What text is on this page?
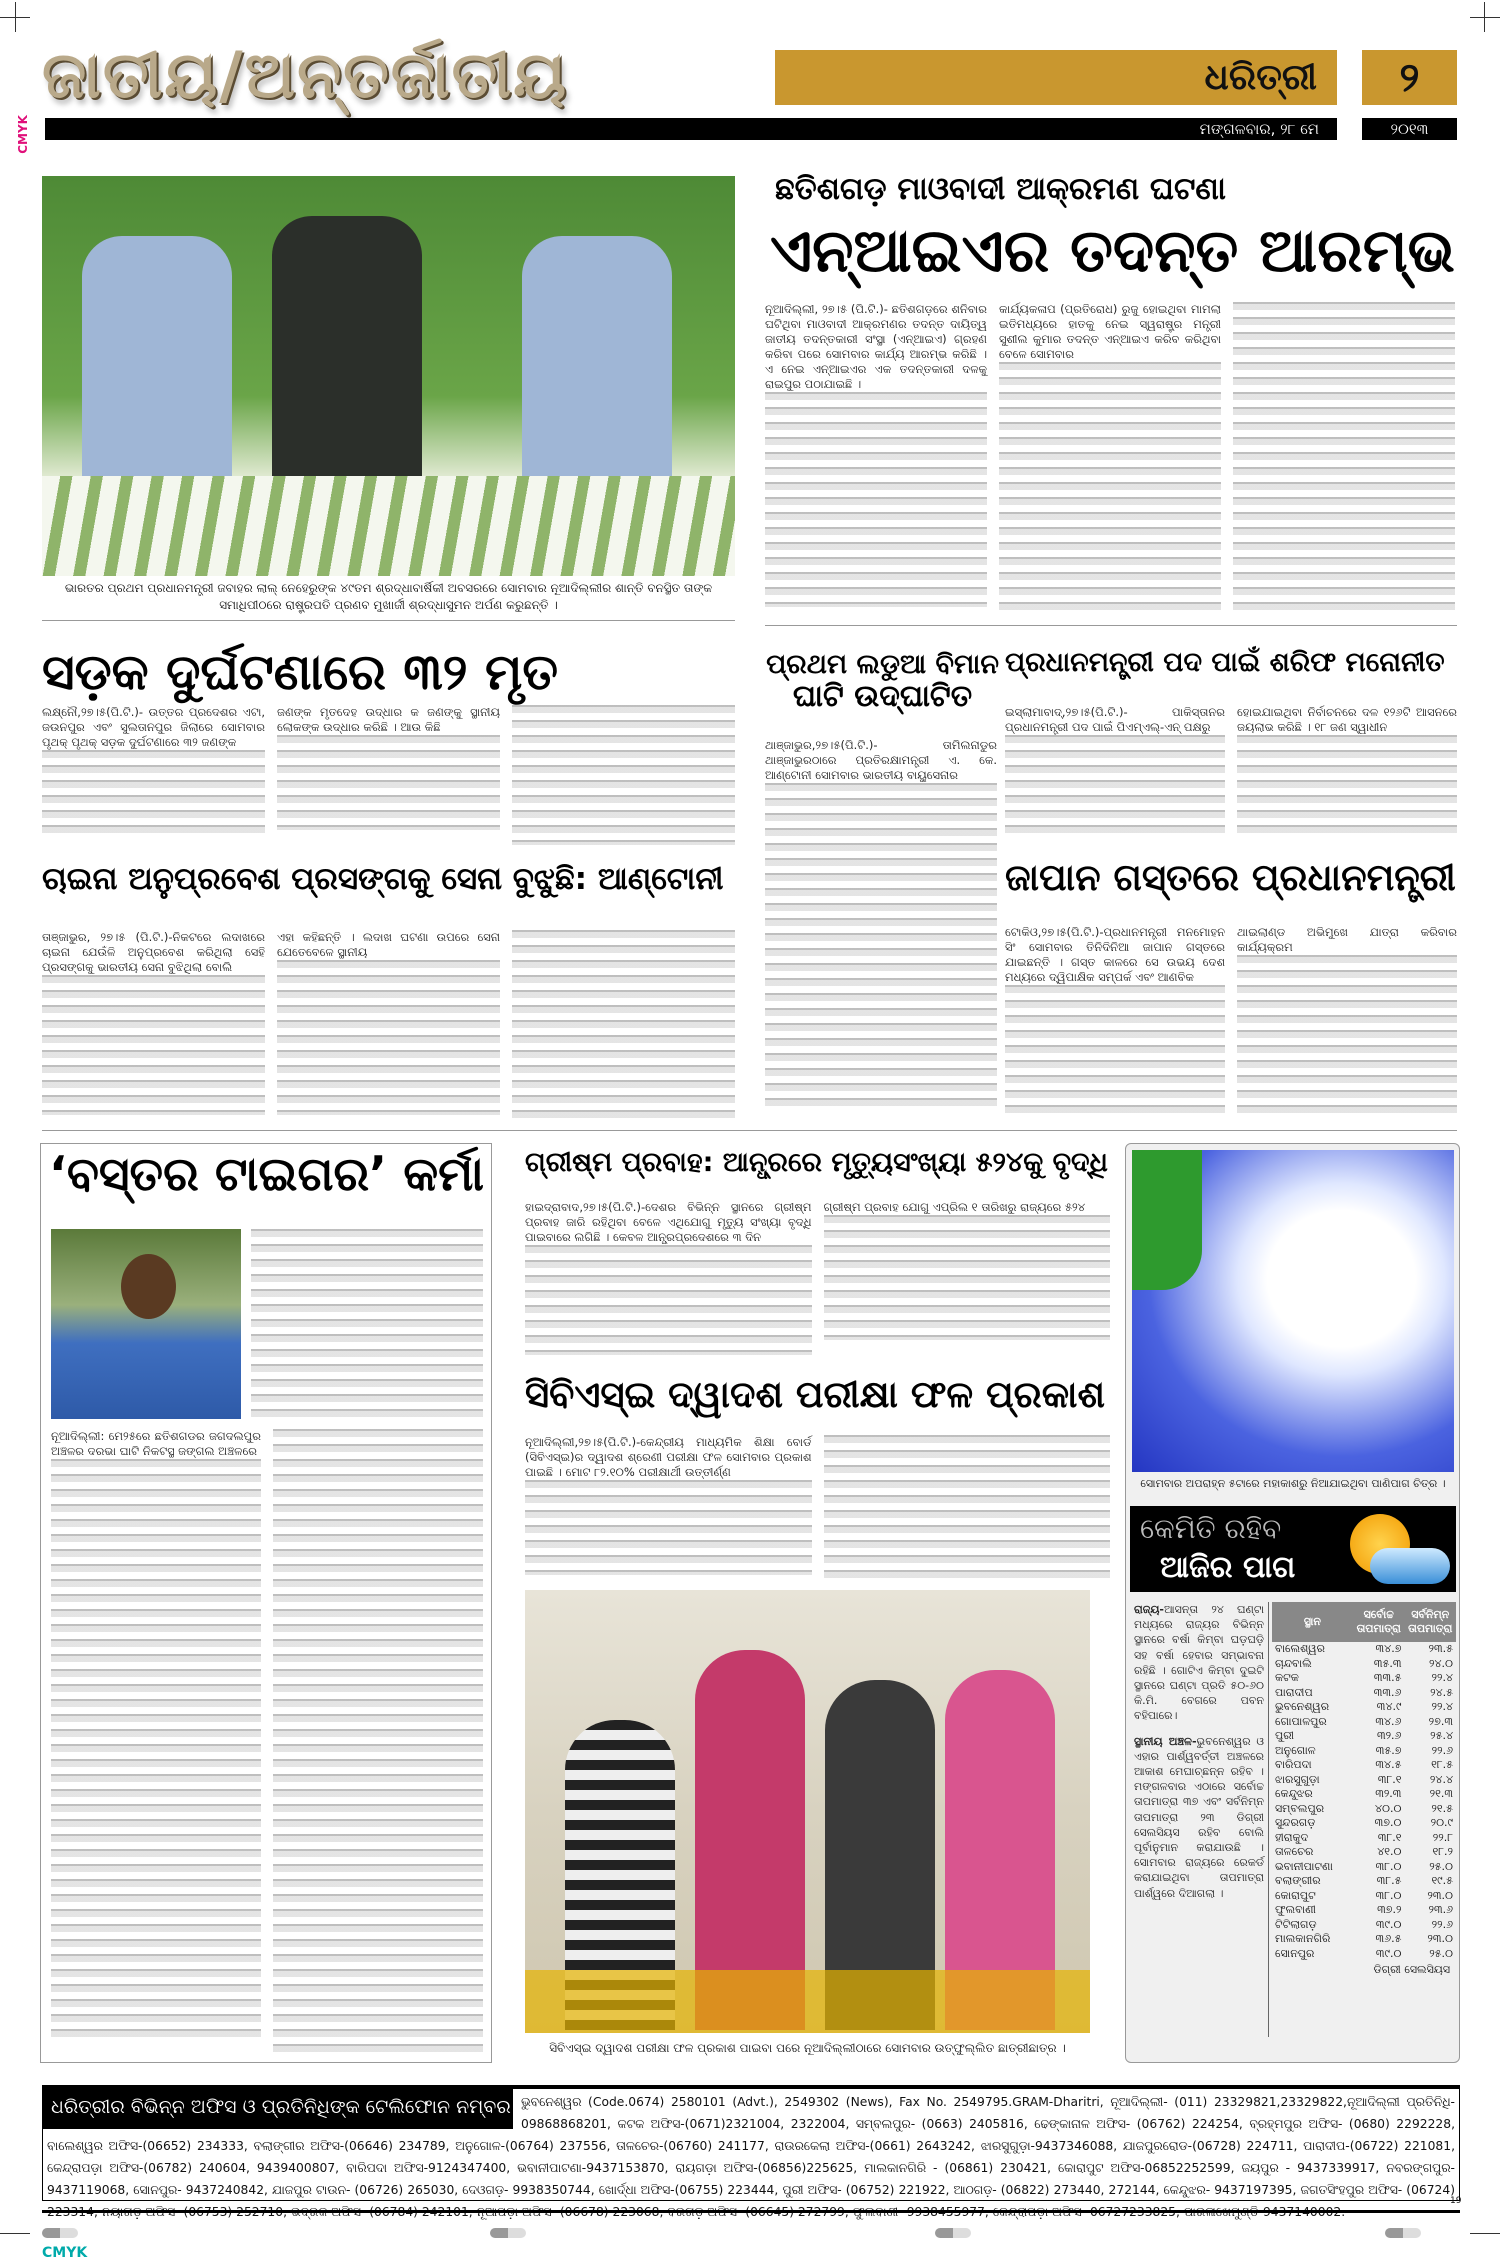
CMYK
ଜାତୀୟ/ଅନ୍ତର୍ଜାତୀୟ	ଧରିତ୍ରୀ	୨
ମଙ୍ଗଳବାର, ୨୮ ମେ	୨୦୧୩
ଭାରତର ପ୍ରଥମ ପ୍ରଧାନମନ୍ତ୍ରୀ ଜବାହର ଲାଲ୍ ନେହେରୁଙ୍କ ୪୯ତମ ଶ୍ରଦ୍ଧାବାର୍ଷିକୀ ଅବସରରେ ସୋମବାର ନୂଆଦିଲ୍ଲୀର ଶାନ୍ତି ବନସ୍ଥିତ ତାଙ୍କ ସମାଧିପୀଠରେ ରାଷ୍ଟ୍ରପତି ପ୍ରଣବ ମୁଖାର୍ଜୀ ଶ୍ରଦ୍ଧାସୁମନ ଅର୍ପଣ କରୁଛନ୍ତି ।
ଛତିଶଗଡ଼ ମାଓବାଦୀ ଆକ୍ରମଣ ଘଟଣା
ଏନ୍‌ଆଇଏର ତଦନ୍ତ ଆରମ୍ଭ

ନୂଆଦିଲ୍ଲୀ, ୨୭।୫ (ପି.ଟି.)- ଛତିଶଗଡ଼ରେ ଶନିବାର ଘଟିଥିବା ମାଓବାଦୀ ଆକ୍ରମଣର ତଦନ୍ତ ଦାୟିତ୍ୱ ଜାତୀୟ ତଦନ୍ତକାରୀ ସଂସ୍ଥା (ଏନ୍‌ଆଇଏ) ଗ୍ରହଣ କରିବା ପରେ ସୋମବାର କାର୍ଯ୍ୟ ଆରମ୍ଭ କରିଛି । ଏ ନେଇ ଏନ୍‌ଆଇଏର ଏକ ତଦନ୍ତକାରୀ ଦଳକୁ ରାଇପୁର ପଠାଯାଇଛି ।

କାର୍ଯ୍ୟକଳାପ (ପ୍ରତିରୋଧ) ରୁଜୁ ହୋଇଥିବା ମାମଲା ଇତିମଧ୍ୟରେ ହାତକୁ ନେଇ ସ୍ୱରାଷ୍ଟ୍ର ମନ୍ତ୍ରୀ ସୁଶୀଲ କୁମାର ତଦନ୍ତ ଏନ୍‌ଆଇଏ କରିବ କରିଥିବା ବେଳେ ସୋମବାର

ସଡ଼କ ଦୁର୍ଘଟଣାରେ ୩୨ ମୃତ

ଲକ୍ଷ୍ନୌ,୨୭।୫(ପି.ଟି.)- ଉତ୍ତର ପ୍ରଦେଶର ଏଟା, ଜଉନପୁର ଏବଂ ସୁଲତାନପୁର ଜିଲାରେ ସୋମବାର ପୃଥକ୍ ପୃଥକ୍ ସଡ଼କ ଦୁର୍ଘଟଣାରେ ୩୨ ଜଣଙ୍କ

ଜଣଙ୍କ ମୃତଦେହ ଉଦ୍ଧାର କ ଜଣଙ୍କୁ ସ୍ଥାନୀୟ ଲୋକଙ୍କ ଉଦ୍ଧାର କରିଛି । ଆଉ କିଛି

ଚାଇନା ଅନୁପ୍ରବେଶ ପ୍ରସଙ୍ଗକୁ ସେନା ବୁଝୁଛି: ଆଣ୍ଟୋନୀ

ତାଞ୍ଜାଭୁର, ୨୭।୫ (ପି.ଟି.)-ନିକଟରେ ଲଦାଖରେ ଚାଇନା ଯେଉଁଳି ଅନୁପ୍ରବେଶ କରିଥିଲା ସେହି ପ୍ରସଙ୍ଗକୁ ଭାରତୀୟ ସେନା ବୁଝିଥିଲା ବୋଲି

ଏହା କହିଛନ୍ତି । ଲଦାଖ ଘଟଣା ଉପରେ ସେନା ଯେତେବେଳେ ସ୍ଥାନୀୟ

ପ୍ରଥମ ଲଡୁଆ ବିମାନ
ଘାଟି ଉଦ୍‌ଘାଟିତ

ଥାଞ୍ଜାଭୁର,୨୭।୫(ପି.ଟି.)- ତାମିଲନାଡୁର ଥାଞ୍ଜାଭୁରଠାରେ ପ୍ରତିରକ୍ଷାମନ୍ତ୍ରୀ ଏ. କେ. ଆଣ୍ଟୋନୀ ସୋମବାର ଭାରତୀୟ ବାୟୁସେନାର

ପ୍ରଧାନମନ୍ତ୍ରୀ ପଦ ପାଇଁ ଶରିଫ ମନୋନୀତ

ଇସ୍‌ଲାମାବାଦ୍,୨୭।୫(ପି.ଟି.)- ପାକିସ୍ତାନର ପ୍ରଧାନମନ୍ତ୍ରୀ ପଦ ପାଇଁ ପିଏମ୍‌ଏଲ୍-ଏନ୍ ପକ୍ଷରୁ

ହୋଇଯାଇଥିବା ନିର୍ବାଚନରେ ଦଳ ୧୨୬ଟି ଆସନରେ ଜୟଲାଭ କରିଛି । ୧୮ ଜଣ ସ୍ୱାଧୀନ

ଜାପାନ ଗସ୍ତରେ ପ୍ରଧାନମନ୍ତ୍ରୀ

ଟୋକିଓ,୨୭।୫(ପି.ଟି.)-ପ୍ରଧାନମନ୍ତ୍ରୀ ମନମୋହନ ସିଂ ସୋମବାର ତିନିଦିନିଆ ଜାପାନ ଗସ୍ତରେ ଯାଇଛନ୍ତି । ଗସ୍ତ କାଳରେ ସେ ଉଭୟ ଦେଶ ମଧ୍ୟରେ ଦ୍ୱିପାକ୍ଷିକ ସମ୍ପର୍କ ଏବଂ ଆଣବିକ

ଥାଇଲାଣ୍ଡ ଅଭିମୁଖେ ଯାତ୍ରା କରିବାର କାର୍ଯ୍ୟକ୍ରମ

‘ବସ୍ତର ଟାଇଗର’ କର୍ମା

ନୂଆଦିଲ୍ଲୀ: ମେ୨୫ରେ ଛତିଶଗଡର ଜଗଦଲପୁର ଅଞ୍ଚଳର ଦରଭା ଘାଟି ନିକଟସ୍ଥ ଜଙ୍ଗଲ ଅଞ୍ଚଳରେ

ଗ୍ରୀଷ୍ମ ପ୍ରବାହ: ଆନ୍ଧ୍ରରେ ମୃତ୍ୟୁସଂଖ୍ୟା ୫୨୪କୁ ବୃଦ୍ଧି

ହାଇଦ୍ରାବାଦ,୨୭।୫(ପି.ଟି.)-ଦେଶର ବିଭିନ୍ନ ସ୍ଥାନରେ ଗ୍ରୀଷ୍ମ ପ୍ରବାହ ଜାରି ରହିଥିବା ବେଳେ ଏଥିଯୋଗୁ ମୃତ୍ୟୁ ସଂଖ୍ୟା ବୃଦ୍ଧି ପାଇବାରେ ଲଗିଛି । କେବଳ ଆନ୍ଧ୍ରପ୍ରଦେଶରେ ୩ ଦିନ

ଗ୍ରୀଷ୍ମ ପ୍ରବାହ ଯୋଗୁ ଏପ୍ରିଲ ୧ ତାରିଖରୁ ରାଜ୍ୟରେ ୫୨୪

ସିବିଏସ୍‌ଇ ଦ୍ୱାଦଶ ପରୀକ୍ଷା ଫଳ ପ୍ରକାଶ

ନୂଆଦିଲ୍ଲୀ,୨୭।୫(ପି.ଟି.)-କେନ୍ଦ୍ରୀୟ ମାଧ୍ୟମିକ ଶିକ୍ଷା ବୋର୍ଡ (ସିବିଏସ୍‌ଇ)ର ଦ୍ୱାଦଶ ଶ୍ରେଣୀ ପରୀକ୍ଷା ଫଳ ସୋମବାର ପ୍ରକାଶ ପାଇଛି । ମୋଟ ୮୨.୧୦% ପରୀକ୍ଷାର୍ଥୀ ଉତ୍ତୀର୍ଣ୍ଣ

ସିବିଏସ୍‌ଇ ଦ୍ୱାଦଶ ପରୀକ୍ଷା ଫଳ ପ୍ରକାଶ ପାଇବା ପରେ ନୂଆଦିଲ୍ଲୀଠାରେ ସୋମବାର ଉତ୍‌ଫୁଲ୍ଲିତ ଛାତ୍ରୀଛାତ୍ର ।
ସୋମବାର ଅପରାହ୍ନ ୫ଟାରେ ମହାକାଶରୁ ନିଆଯାଇଥିବା ପାଣିପାଗ ଚିତ୍ର ।
କେମିତି ରହିବ
ଆଜିର ପାଗ

ରାଜ୍ୟ-ଆସନ୍ତା ୨୪ ଘଣ୍ଟା ମଧ୍ୟରେ ରାଜ୍ୟର ବିଭିନ୍ନ ସ୍ଥାନରେ ବର୍ଷା କିମ୍ବା ଘଡ଼ଘଡ଼ି ସହ ବର୍ଷା ହେବାର ସମ୍ଭାବନା ରହିଛି । ଗୋଟିଏ କିମ୍ବା ଦୁଇଟି ସ୍ଥାନରେ ଘଣ୍ଟା ପ୍ରତି ୫୦-୬୦ କି.ମି. ବେଗରେ ପବନ ବହିପାରେ।

ସ୍ଥାନୀୟ ଅଞ୍ଚଳ-ଭୁବନେଶ୍ୱର ଓ ଏହାର ପାର୍ଶ୍ୱବର୍ତ୍ତୀ ଅଞ୍ଚଳରେ ଆକାଶ ମେଘାଚ୍ଛନ୍ନ ରହିବ । ମଙ୍ଗଳବାର ଏଠାରେ ସର୍ବୋଚ୍ଚ ତାପମାତ୍ରା ୩୭ ଏବଂ ସର୍ବନିମ୍ନ ତାପମାତ୍ରା ୨୩ ଡିଗ୍ରୀ ସେଲସିୟସ ରହିବ ବୋଲି ପୂର୍ବାନୁମାନ କରାଯାଉଛି । ସୋମବାର ରାଜ୍ୟରେ ରେକର୍ଡ କରାଯାଇଥିବା ତାପମାତ୍ରା ପାର୍ଶ୍ୱରେ ଦିଆଗଲା ।

ସ୍ଥାନ	ସର୍ବୋଚ୍ଚ ତାପମାତ୍ରା	ସର୍ବନିମ୍ନ ତାପମାତ୍ରା
ବାଲେଶ୍ୱର	୩୪.୭	୨୩.୫
ଚାନ୍ଦବାଲି	୩୫.୩	୨୪.୦
କଟକ	୩୩.୫	୨୨.୪
ପାରାଦୀପ	୩୩.୬	୨୪.୫
ଭୁବନେଶ୍ୱର	୩୪.୯	୨୨.୪
ଗୋପାଳପୁର	୩୪.୬	୨୭.୩
ପୁରୀ	୩୨.୬	୨୫.୪
ଅନୁଗୋଳ	୩୫.୭	୨୨.୬
ବାରିପଦା	୩୪.୫	୧୮.୫
ଝାରସୁଗୁଡ଼ା	୩୮.୧	୨୪.୪
କେନ୍ଦୁଝର	୩୨.୩	୨୧.୩
ସମ୍ବଲପୁର	୪୦.୦	୨୧.୫
ସୁନ୍ଦରଗଡ଼	୩୭.୦	୨୦.୯
ହୀରାକୁଦ	୩୮.୧	୨୨.୮
ତାଳଚେର	୪୧.୦	୧୮.୨
ଭବାନୀପାଟଣା	୩୮.୦	୨୫.୦
ବଲାଙ୍ଗୀର	୩୮.୫	୧୯.୫
କୋରାପୁଟ	୩୮.୦	୨୩.୦
ଫୁଲବାଣୀ	୩୭.୨	୨୩.୬
ଟିଟିଲାଗଡ଼	୩୯.୦	୨୨.୬
ମାଲକାନଗିରି	୩୬.୫	୨୩.୦
ସୋନପୁର	୩୯.୦	୨୫.୦
ଡିଗ୍ରୀ ସେଲସିୟସ
ଧରିତ୍ରୀର ବିଭିନ୍ନ ଅଫିସ ଓ ପ୍ରତିନିଧିଙ୍କ ଟେଲିଫୋନ ନମ୍ବର ଭୁବନେଶ୍ୱର (Code.0674) 2580101 (Advt.), 2549302 (News), Fax No. 2549795.GRAM-Dharitri, ନୂଆଦିଲ୍ଲୀ- (011) 23329821,23329822,ନୂଆଦିଲ୍ଲୀ ପ୍ରତିନିଧି- 09868868201, କଟକ ଅଫିସ-(0671)2321004, 2322004, ସମ୍ବଲପୁର- (0663) 2405816, ଢେଙ୍କାନାଳ ଅଫିସ- (06762) 224254, ବ୍ରହ୍ମପୁର ଅଫିସ- (0680) 2292228, ବାଲେଶ୍ୱର ଅଫିସ-(06652) 234333, ବଲାଙ୍ଗୀର ଅଫିସ-(06646) 234789, ଅନୁଗୋଳ-(06764) 237556, ତାଳଚେର-(06760) 241177, ରାଉରକେଲା ଅଫିସ-(0661) 2643242, ଝାରସୁଗୁଡ଼ା-9437346088, ଯାଜପୁରରୋଡ-(06728) 224711, ପାରାଦୀପ-(06722) 221081, କେନ୍ଦ୍ରାପଡ଼ା ଅଫିସ-(06782) 240604, 9439400807, ବାରିପଦା ଅଫିସ-9124347400, ଭବାନୀପାଟଣା-9437153870, ରାୟଗଡ଼ା ଅଫିସ-(06856)225625, ମାଲକାନଗିରି - (06861) 230421, କୋରାପୁଟ ଅଫିସ-06852252599, ଜୟପୁର - 9437339917, ନବରଙ୍ଗପୁର- 9437119068, ସୋନପୁର- 9437240842, ଯାଜପୁର ଟାଉନ- (06726) 265030, ଦେଓଗଡ଼- 9938350744, ଖୋର୍ଦ୍ଧା ଅଫିସ-(06755) 223444, ପୁରୀ ଅଫିସ- (06752) 221922, ଆଠଗଡ଼- (06822) 273440, 272144, କେନ୍ଦୁଝର- 9437197395, ଜଗତସିଂହପୁର ଅଫିସ- (06724)
19
CMYK
